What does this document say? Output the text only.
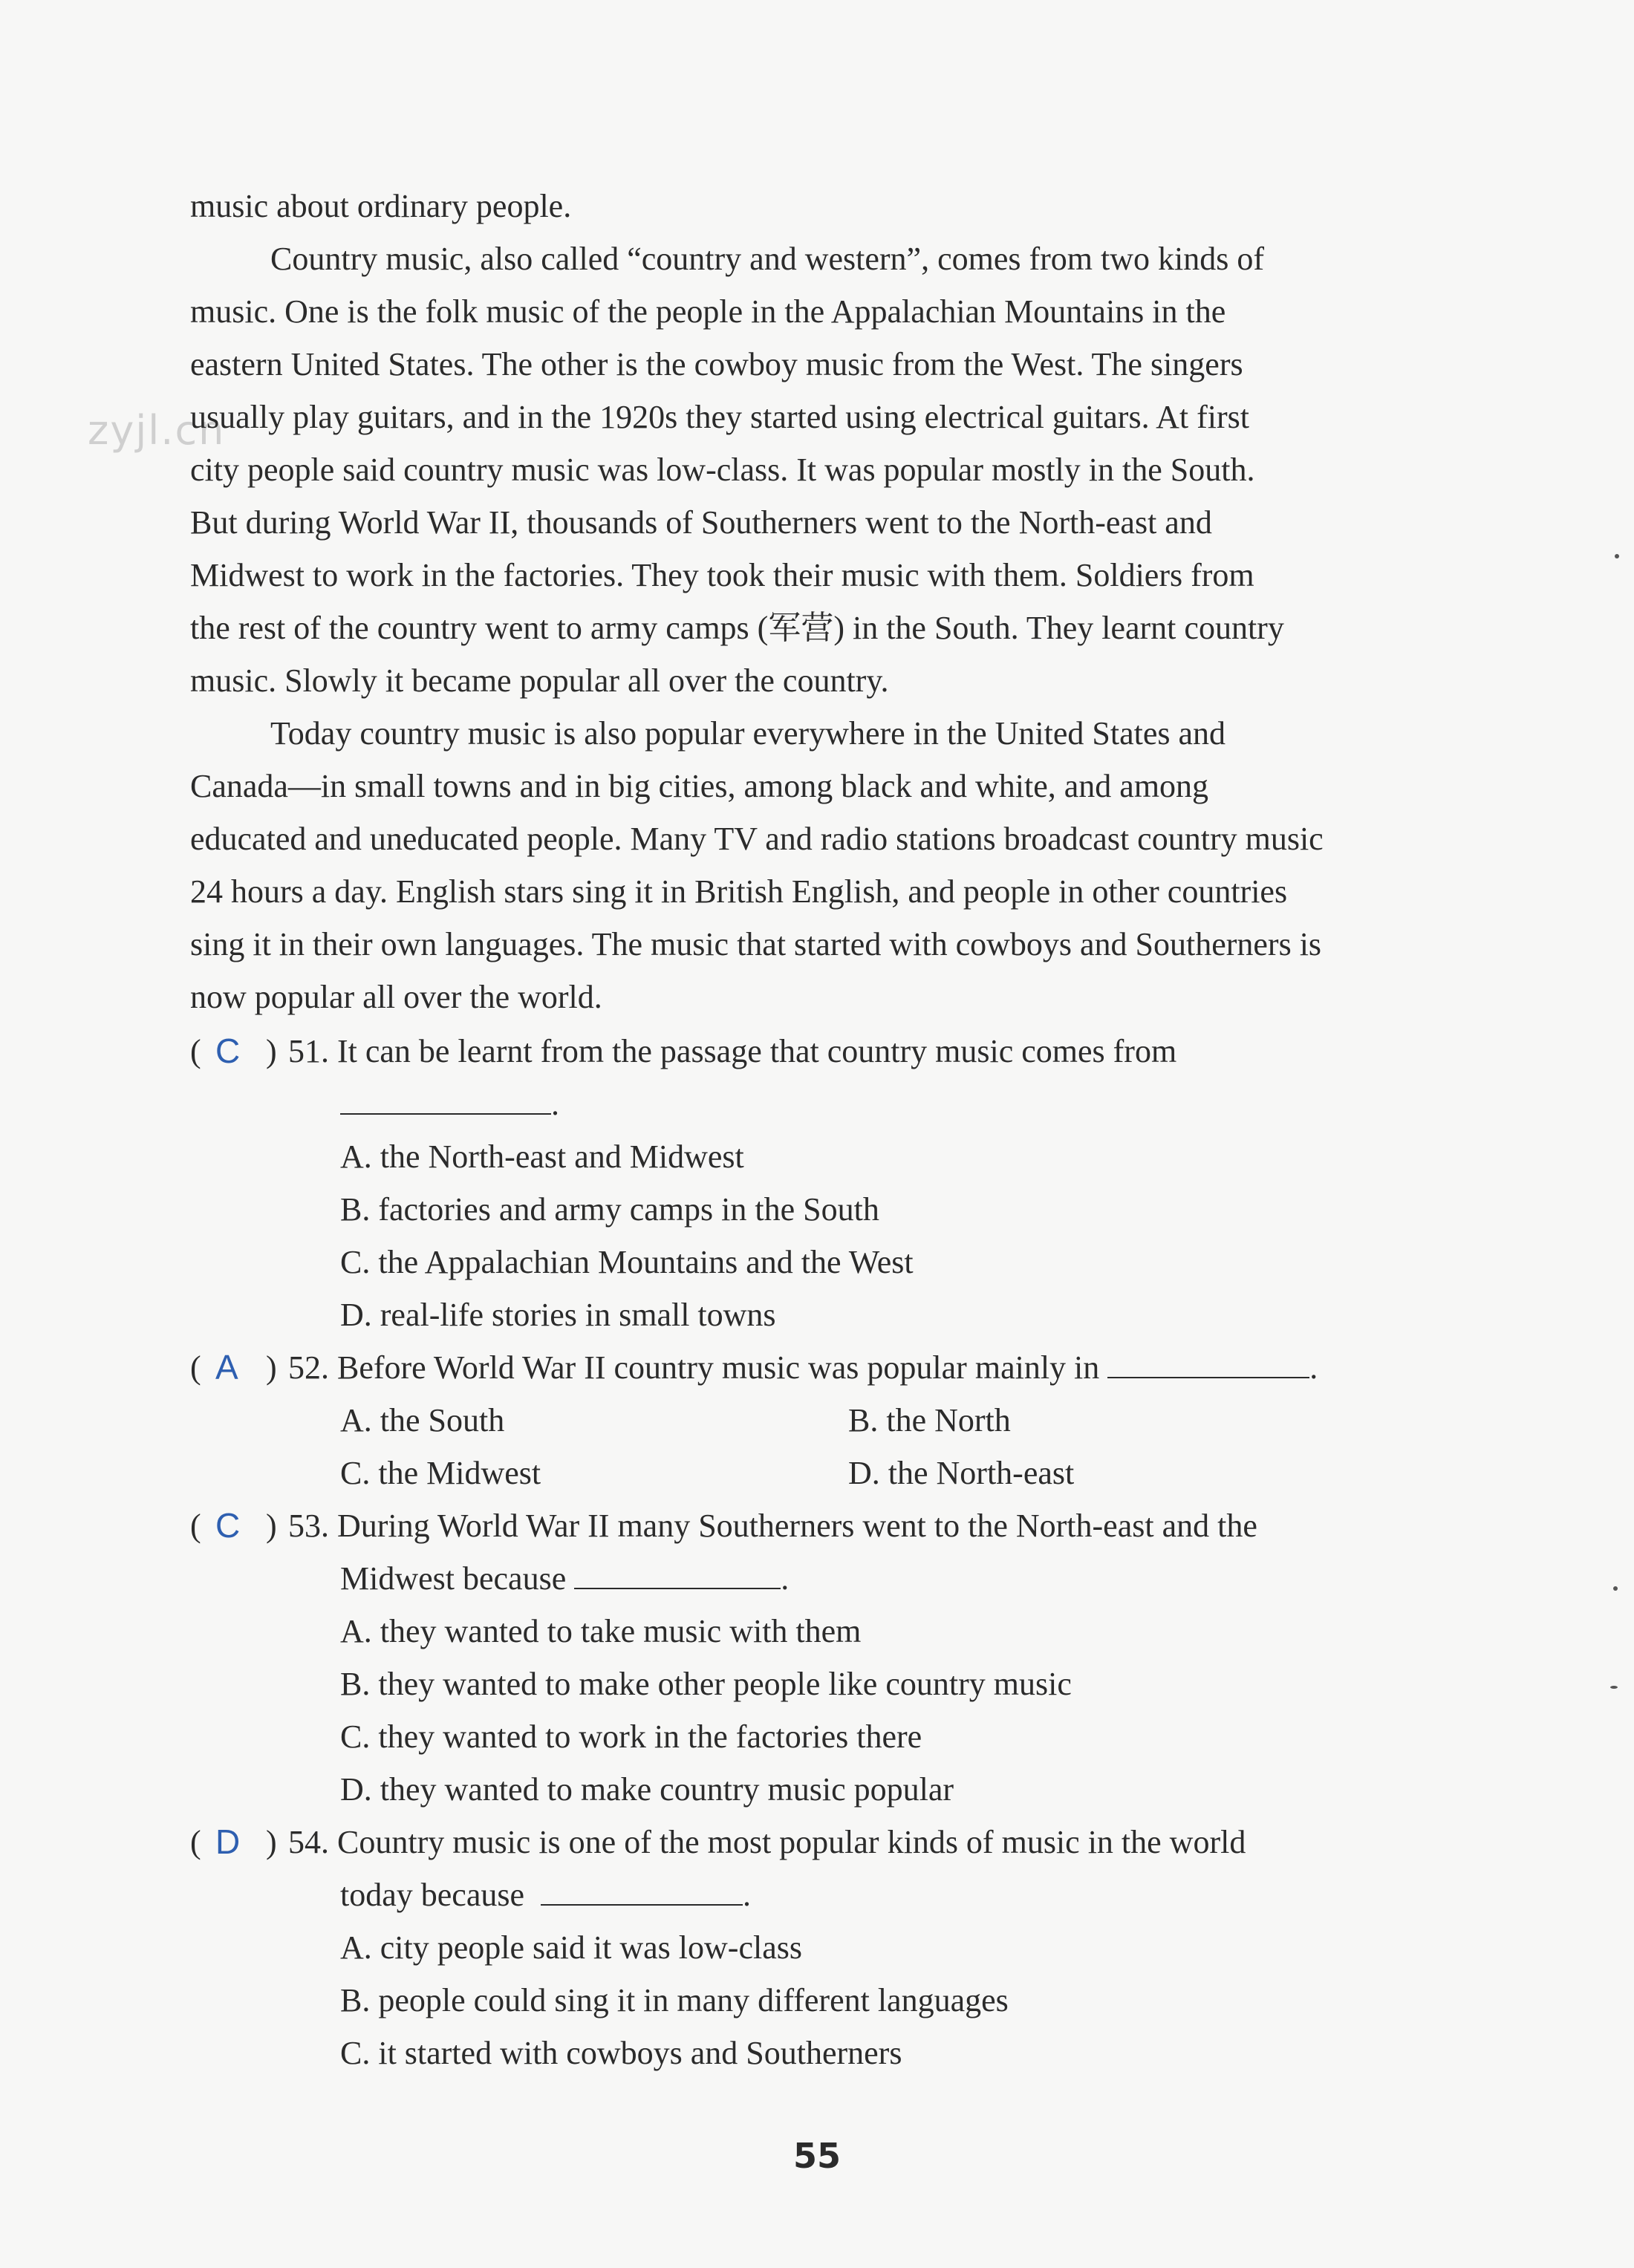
zyjl.cn
music about ordinary people.
Country music, also called “country and western”, comes from two kinds of
music. One is the folk music of the people in the Appalachian Mountains in the
eastern United States. The other is the cowboy music from the West. The singers
usually play guitars, and in the 1920s they started using electrical guitars. At first
city people said country music was low-class. It was popular mostly in the South.
But during World War II, thousands of Southerners went to the North-east and
Midwest to work in the factories. They took their music with them. Soldiers from
the rest of the country went to army camps (军营) in the South. They learnt country
music. Slowly it became popular all over the country.
Today country music is also popular everywhere in the United States and
Canada—in small towns and in big cities, among black and white, and among
educated and uneducated people. Many TV and radio stations broadcast country music
24 hours a day. English stars sing it in British English, and people in other countries
sing it in their own languages. The music that started with cowboys and Southerners is
now popular all over the world.
( C ) 51. It can be learnt from the passage that country music comes from
.
A. the North-east and Midwest
B. factories and army camps in the South
C. the Appalachian Mountains and the West
D. real-life stories in small towns
( A ) 52. Before World War II country music was popular mainly in	.
A. the South	B. the North
C. the Midwest	D. the North-east
( C ) 53. During World War II many Southerners went to the North-east and the
Midwest because	.
A. they wanted to take music with them
B. they wanted to make other people like country music
C. they wanted to work in the factories there
D. they wanted to make country music popular
( D ) 54. Country music is one of the most popular kinds of music in the world
today because	.
A. city people said it was low-class
B. people could sing it in many different languages
C. it started with cowboys and Southerners
55
